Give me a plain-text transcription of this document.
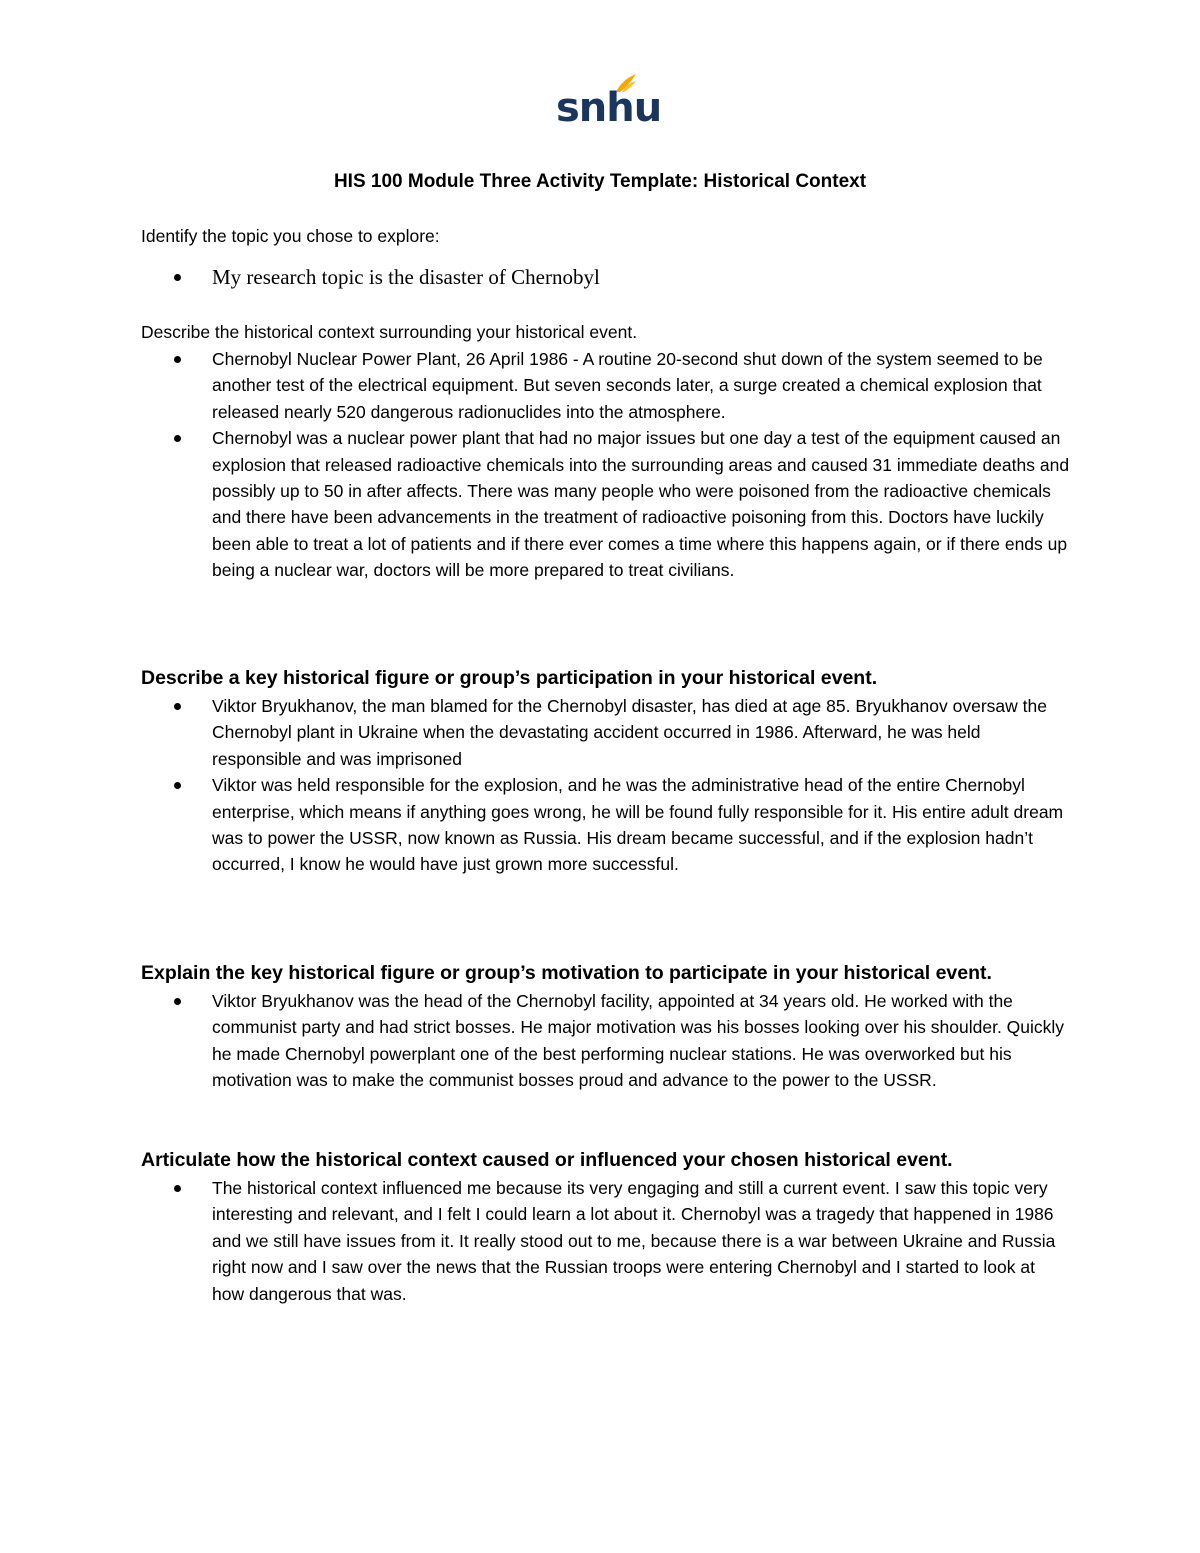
snhu
HIS 100 Module Three Activity Template: Historical Context
Identify the topic you chose to explore:
My research topic is the disaster of Chernobyl
Describe the historical context surrounding your historical event.
Chernobyl Nuclear Power Plant, 26 April 1986 - A routine 20-second shut down of the system seemed to be another test of the electrical equipment. But seven seconds later, a surge created a chemical explosion that released nearly 520 dangerous radionuclides into the atmosphere.
Chernobyl was a nuclear power plant that had no major issues but one day a test of the equipment caused an explosion that released radioactive chemicals into the surrounding areas and caused 31 immediate deaths and possibly up to 50 in after affects. There was many people who were poisoned from the radioactive chemicals and there have been advancements in the treatment of radioactive poisoning from this. Doctors have luckily been able to treat a lot of patients and if there ever comes a time where this happens again, or if there ends up being a nuclear war, doctors will be more prepared to treat civilians.
Describe a key historical figure or group’s participation in your historical event.
Viktor Bryukhanov, the man blamed for the Chernobyl disaster, has died at age 85. Bryukhanov oversaw the Chernobyl plant in Ukraine when the devastating accident occurred in 1986. Afterward, he was held responsible and was imprisoned
Viktor was held responsible for the explosion, and he was the administrative head of the entire Chernobyl enterprise, which means if anything goes wrong, he will be found fully responsible for it. His entire adult dream was to power the USSR, now known as Russia. His dream became successful, and if the explosion hadn’t occurred, I know he would have just grown more successful.
Explain the key historical figure or group’s motivation to participate in your historical event.
Viktor Bryukhanov was the head of the Chernobyl facility, appointed at 34 years old. He worked with the communist party and had strict bosses. He major motivation was his bosses looking over his shoulder. Quickly he made Chernobyl powerplant one of the best performing nuclear stations. He was overworked but his motivation was to make the communist bosses proud and advance to the power to the USSR.
Articulate how the historical context caused or influenced your chosen historical event.
The historical context influenced me because its very engaging and still a current event. I saw this topic very interesting and relevant, and I felt I could learn a lot about it. Chernobyl was a tragedy that happened in 1986 and we still have issues from it. It really stood out to me, because there is a war between Ukraine and Russia right now and I saw over the news that the Russian troops were entering Chernobyl and I started to look at how dangerous that was.
